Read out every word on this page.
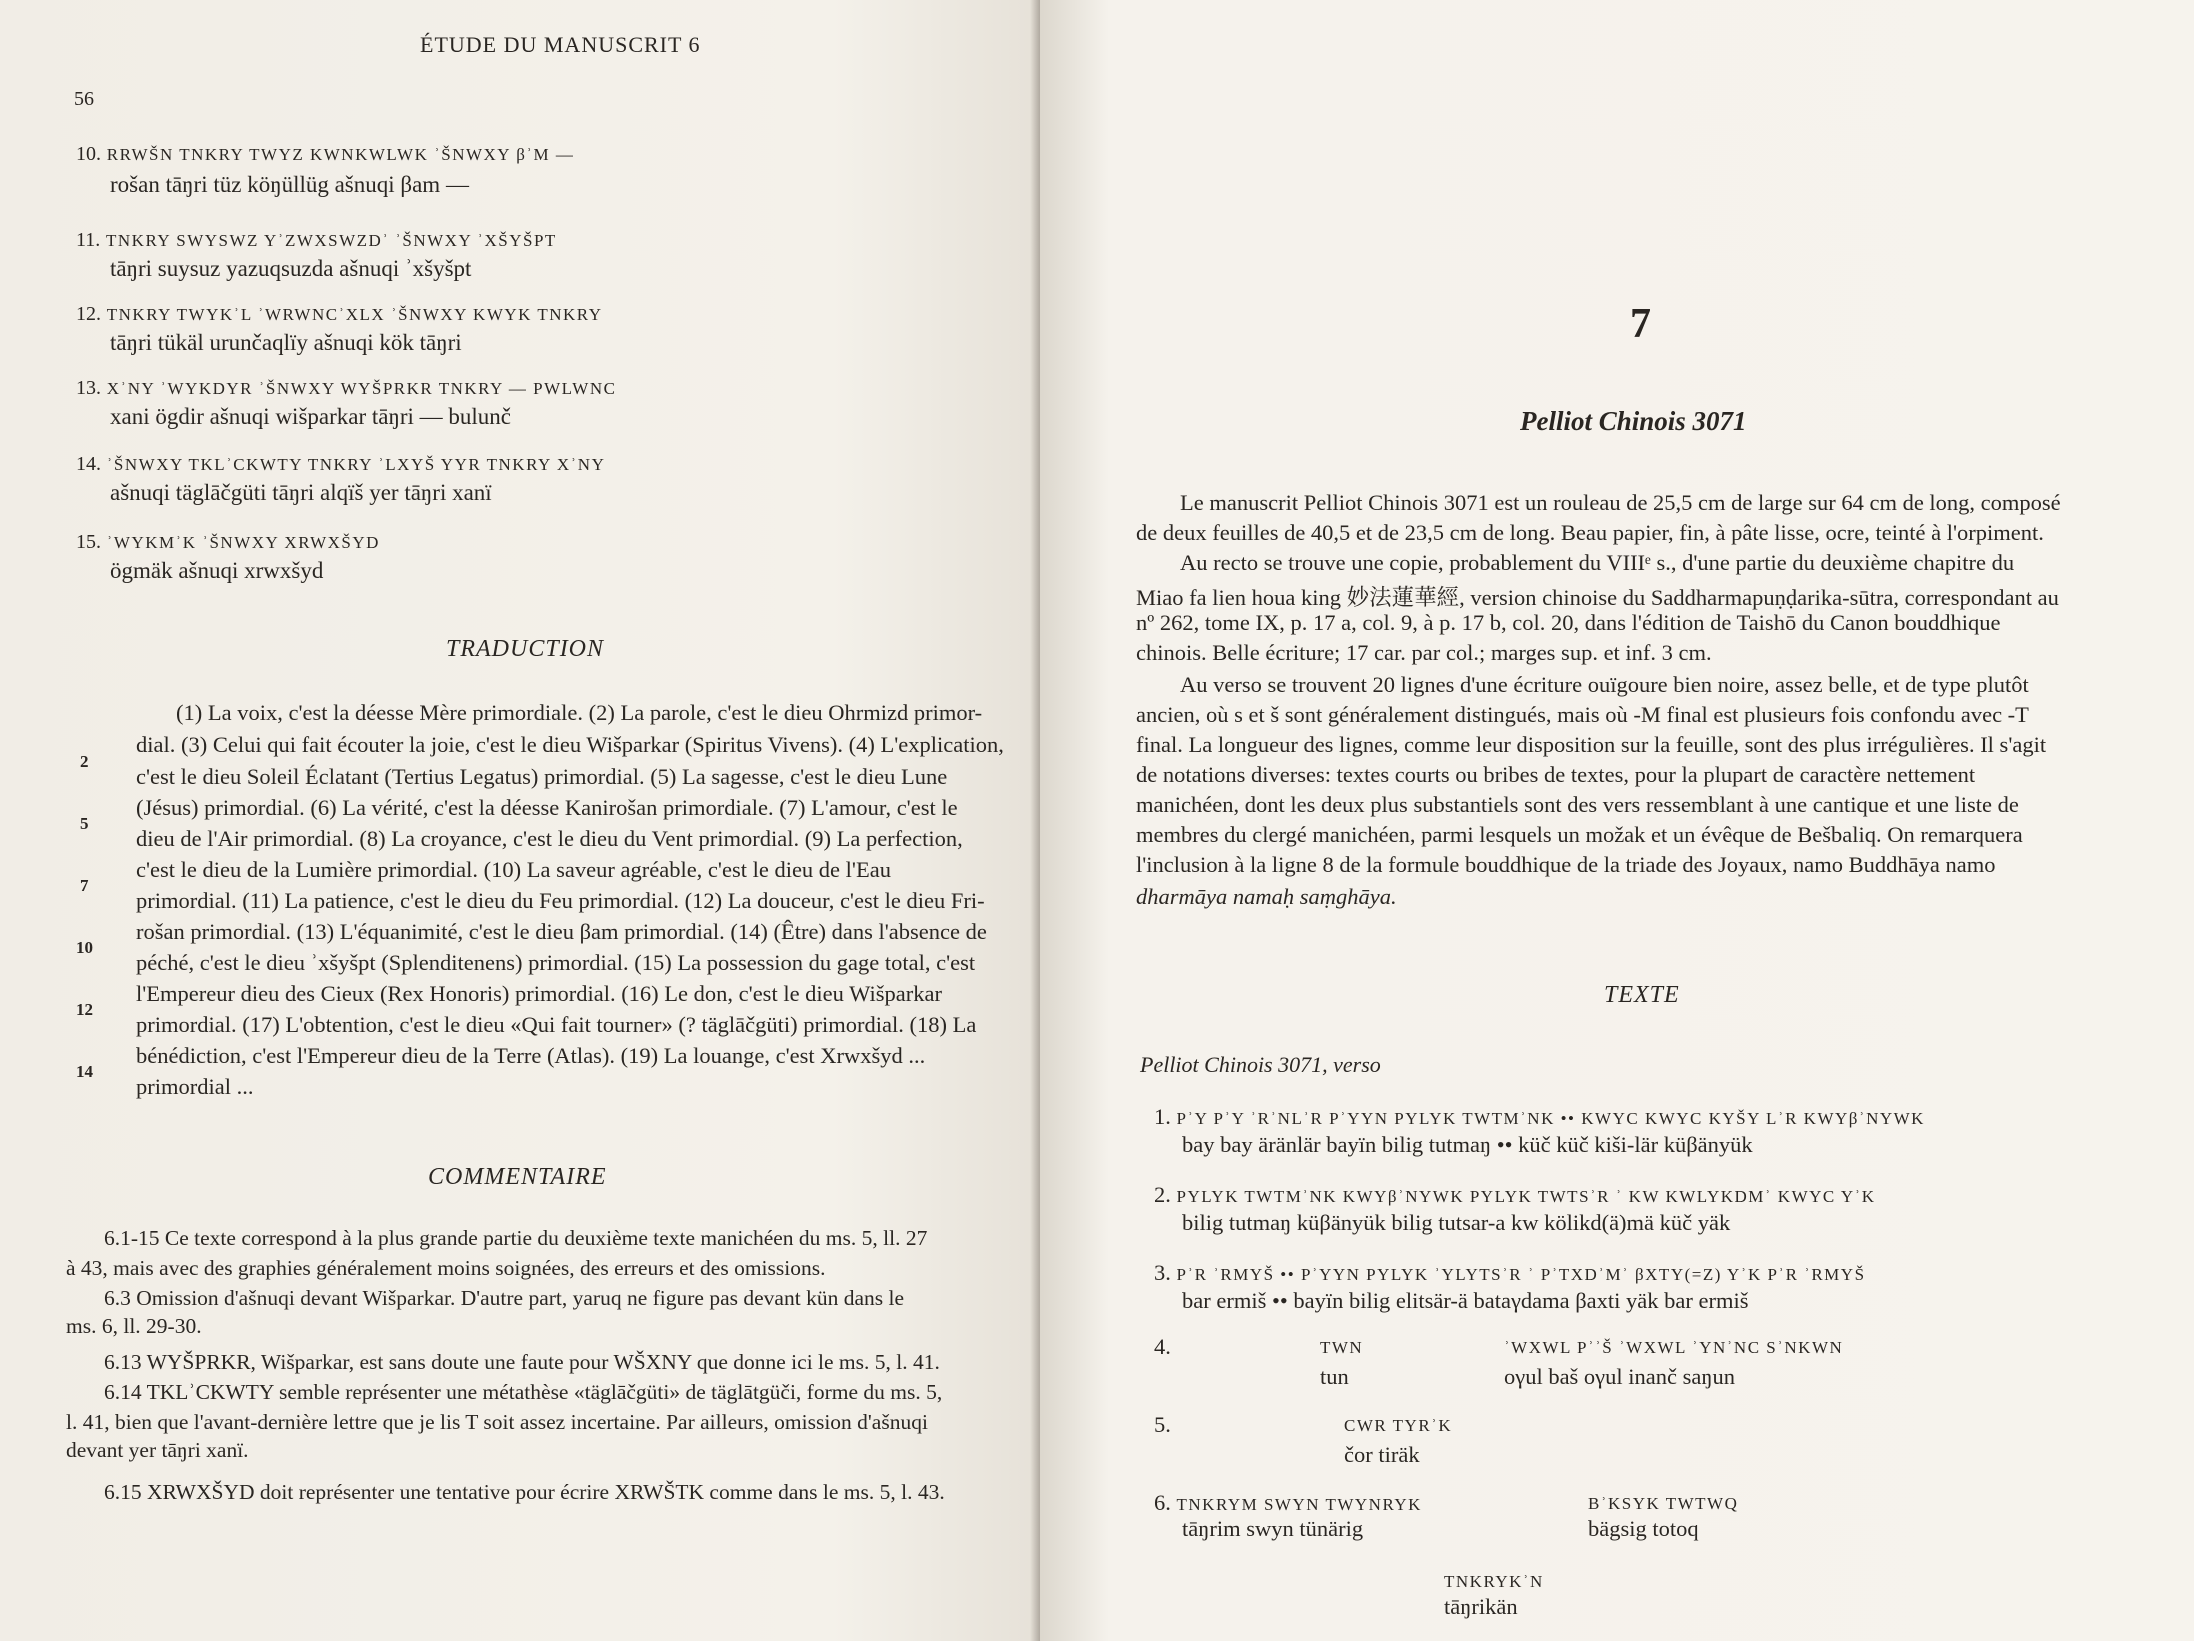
ÉTUDE DU MANUSCRIT 6
56
10. RRWŠN TNKRY TWYZ KWNKWLWK ʾŠNWXY βʾM —
rošan tāŋri tüz köŋüllüg ašnuqi βam —
11. TNKRY SWYSWZ YʾZWXSWZDʾ ʾŠNWXY ʾXŠYŠPT
tāŋri suysuz yazuqsuzda ašnuqi ʾxšyšpt
12. TNKRY TWYKʾL ʾWRWNCʾXLX ʾŠNWXY KWYK TNKRY
tāŋri tükäl urunčaqlïy ašnuqi kök tāŋri
13. XʾNY ʾWYKDYR ʾŠNWXY WYŠPRKR TNKRY — PWLWNC
xani ögdir ašnuqi wišparkar tāŋri — bulunč
14. ʾŠNWXY TKLʾCKWTY TNKRY ʾLXYŠ YYR TNKRY XʾNY
ašnuqi täglāčgüti tāŋri alqïš yer tāŋri xanï
15. ʾWYKMʾK ʾŠNWXY XRWXŠYD
ögmäk ašnuqi xrwxšyd
TRADUCTION
2
5
7
10
12
14
(1) La voix, c'est la déesse Mère primordiale. (2) La parole, c'est le dieu Ohrmizd primor-
dial. (3) Celui qui fait écouter la joie, c'est le dieu Wišparkar (Spiritus Vivens). (4) L'explication,
c'est le dieu Soleil Éclatant (Tertius Legatus) primordial. (5) La sagesse, c'est le dieu Lune
(Jésus) primordial. (6) La vérité, c'est la déesse Kanirošan primordiale. (7) L'amour, c'est le
dieu de l'Air primordial. (8) La croyance, c'est le dieu du Vent primordial. (9) La perfection,
c'est le dieu de la Lumière primordial. (10) La saveur agréable, c'est le dieu de l'Eau
primordial. (11) La patience, c'est le dieu du Feu primordial. (12) La douceur, c'est le dieu Fri-
rošan primordial. (13) L'équanimité, c'est le dieu βam primordial. (14) (Être) dans l'absence de
péché, c'est le dieu ʾxšyšpt (Splenditenens) primordial. (15) La possession du gage total, c'est
l'Empereur dieu des Cieux (Rex Honoris) primordial. (16) Le don, c'est le dieu Wišparkar
primordial. (17) L'obtention, c'est le dieu «Qui fait tourner» (? täglāčgüti) primordial. (18) La
bénédiction, c'est l'Empereur dieu de la Terre (Atlas). (19) La louange, c'est Xrwxšyd ...
primordial ...
COMMENTAIRE
6.1-15 Ce texte correspond à la plus grande partie du deuxième texte manichéen du ms. 5, ll. 27
à 43, mais avec des graphies généralement moins soignées, des erreurs et des omissions.
6.3 Omission d'ašnuqi devant Wišparkar. D'autre part, yaruq ne figure pas devant kün dans le
ms. 6, ll. 29-30.
6.13 WYŠPRKR, Wišparkar, est sans doute une faute pour WŠXNY que donne ici le ms. 5, l. 41.
6.14 TKLʾCKWTY semble représenter une métathèse «täglāčgüti» de täglātgüči, forme du ms. 5,
l. 41, bien que l'avant-dernière lettre que je lis T soit assez incertaine. Par ailleurs, omission d'ašnuqi
devant yer tāŋri xanï.
6.15 XRWXŠYD doit représenter une tentative pour écrire XRWŠTK comme dans le ms. 5, l. 43.
7
Pelliot Chinois 3071
Le manuscrit Pelliot Chinois 3071 est un rouleau de 25,5 cm de large sur 64 cm de long, composé
de deux feuilles de 40,5 et de 23,5 cm de long. Beau papier, fin, à pâte lisse, ocre, teinté à l'orpiment.
Au recto se trouve une copie, probablement du VIIIᵉ s., d'une partie du deuxième chapitre du
Miao fa lien houa king 妙法蓮華經, version chinoise du Saddharmapuṇḍarika-sūtra, correspondant au
nº 262, tome IX, p. 17 a, col. 9, à p. 17 b, col. 20, dans l'édition de Taishō du Canon bouddhique
chinois. Belle écriture; 17 car. par col.; marges sup. et inf. 3 cm.
Au verso se trouvent 20 lignes d'une écriture ouïgoure bien noire, assez belle, et de type plutôt
ancien, où s et š sont généralement distingués, mais où -M final est plusieurs fois confondu avec -T
final. La longueur des lignes, comme leur disposition sur la feuille, sont des plus irrégulières. Il s'agit
de notations diverses: textes courts ou bribes de textes, pour la plupart de caractère nettement
manichéen, dont les deux plus substantiels sont des vers ressemblant à une cantique et une liste de
membres du clergé manichéen, parmi lesquels un možak et un évêque de Bešbaliq. On remarquera
l'inclusion à la ligne 8 de la formule bouddhique de la triade des Joyaux, namo Buddhāya namo
dharmāya namaḥ saṃghāya.
TEXTE
Pelliot Chinois 3071, verso
1. PʾY PʾY ʾRʾNLʾR PʾYYN PYLYK TWTMʾNK •• KWYC KWYC KYŠY LʾR KWYβʾNYWK
bay bay äränlär bayïn bilig tutmaŋ •• küč küč kiši-lär küβänyük
2. PYLYK TWTMʾNK KWYβʾNYWK PYLYK TWTSʾR ʾ KW KWLYKDMʾ KWYC YʾK
bilig tutmaŋ küβänyük bilig tutsar-a kw kölikd(ä)mä küč yäk
3. PʾR ʾRMYŠ •• PʾYYN PYLYK ʾYLYTSʾR ʾ PʾTXDʾMʾ βXTY(=Z) YʾK PʾR ʾRMYŠ
bar ermiš •• bayïn bilig elitsär-ä bataγdama βaxti yäk bar ermiš
4.	TWN
tun
ʾWXWL PʾʾŠ ʾWXWL ʾYNʾNC SʾNKWN
oγul baš oγul inanč saŋun
5.	CWR TYRʾK
čor tiräk
6. TNKRYM SWYN TWYNRYK
tāŋrim swyn tünärig
BʾKSYK TWTWQ
bägsig totoq
TNKRYKʾN
tāŋrikän
